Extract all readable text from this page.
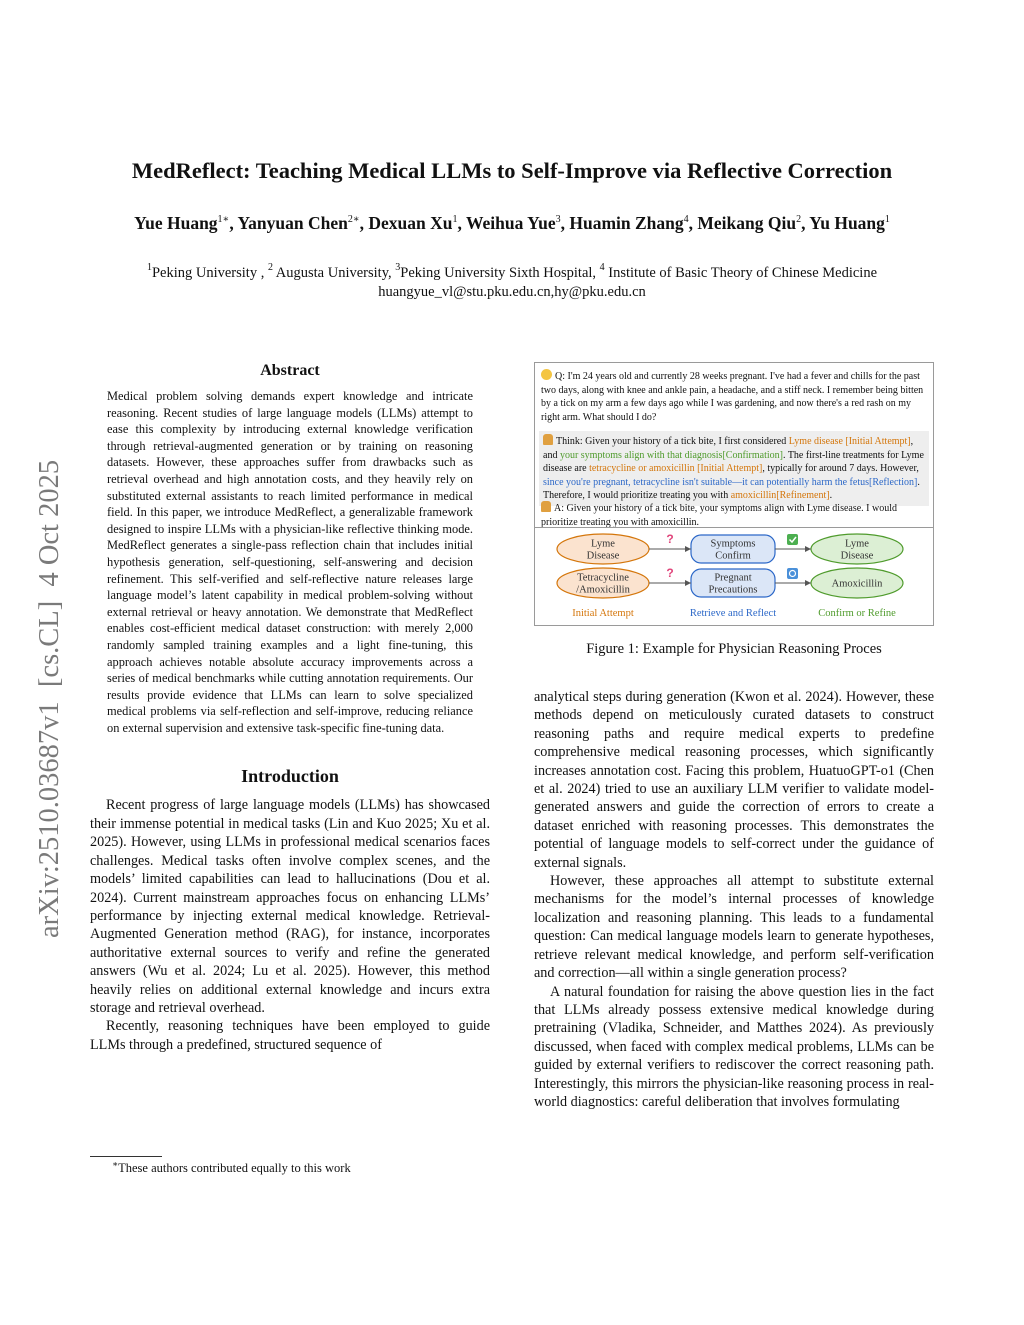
arXiv:2510.03687v1  [cs.CL]  4 Oct 2025
MedReflect: Teaching Medical LLMs to Self-Improve via Reflective Correction
Yue Huang$^{1∗}$, Yanyuan Chen$^{2∗}$, Dexuan Xu$^1$, Weihua Yue$^3$, Huamin Zhang$^4$, Meikang Qiu$^2$, Yu Huang$^1$
$^1$Peking University , $^2$ Augusta University, $^3$Peking University Sixth Hospital, $^4$ Institute of Basic Theory of Chinese Medicine
huangyue_vl@stu.pku.edu.cn,hy@pku.edu.cn
Abstract

Medical problem solving demands expert knowledge and intricate reasoning. Recent studies of large language models (LLMs) attempt to ease this complexity by introducing external knowledge verification through retrieval-augmented generation or by training on reasoning datasets. However, these approaches suffer from drawbacks such as retrieval overhead and high annotation costs, and they heavily rely on substituted external assistants to reach limited performance in medical field. In this paper, we introduce MedReflect, a generalizable framework designed to inspire LLMs with a physician-like reflective thinking mode. MedReflect generates a single-pass reflection chain that includes initial hypothesis generation, self-questioning, self-answering and decision refinement. This self-verified and self-reflective nature releases large language model’s latent capability in medical problem-solving without external retrieval or heavy annotation. We demonstrate that MedReflect enables cost-efficient medical dataset construction: with merely 2,000 randomly sampled training examples and a light fine-tuning, this approach achieves notable absolute accuracy improvements across a series of medical benchmarks while cutting annotation requirements. Our results provide evidence that LLMs can learn to solve specialized medical problems via self-reflection and self-improve, reducing reliance on external supervision and extensive task-specific fine-tuning data.

Introduction

Recent progress of large language models (LLMs) has showcased their immense potential in medical tasks (Lin and Kuo 2025; Xu et al. 2025). However, using LLMs in professional medical scenarios faces challenges. Medical tasks often involve complex scenes, and the models’ limited capabilities can lead to hallucinations (Dou et al. 2024). Current mainstream approaches focus on enhancing LLMs’ performance by injecting external medical knowledge. Retrieval-Augmented Generation method (RAG), for instance, incorporates authoritative external sources to verify and refine the generated answers (Wu et al. 2024; Lu et al. 2025). However, this method heavily relies on additional external knowledge and incurs extra storage and retrieval overhead.

Recently, reasoning techniques have been employed to guide LLMs through a predefined, structured sequence of

∗These authors contributed equally to this work
Q: I'm 24 years old and currently 28 weeks pregnant. I've had a fever and chills for the past two days, along with knee and ankle pain, a headache, and a stiff neck. I remember being bitten by a tick on my arm a few days ago while I was gardening, and now there's a red rash on my right arm. What should I do?
Think: Given your history of a tick bite, I first considered Lyme disease [Initial Attempt], and your symptoms align with that diagnosis[Confirmation]. The first-line treatments for Lyme disease are tetracycline or amoxicillin [Initial Attempt], typically for around 7 days. However, since you're pregnant, tetracycline isn't suitable—it can potentially harm the fetus[Reflection]. Therefore, I would prioritize treating you with amoxicillin[Refinement].
A: Given your history of a tick bite, your symptoms align with Lyme disease. I would prioritize treating you with amoxicillin.
Lyme Disease
Symptoms Confirm
Lyme Disease
?
Tetracycline /Amoxicillin
Pregnant Precautions
Amoxicillin
?
Initial Attempt	Retrieve and Reflect	Confirm or Refine
Figure 1: Example for Physician Reasoning Proces

analytical steps during generation (Kwon et al. 2024). However, these methods depend on meticulously curated datasets to construct reasoning paths and require medical experts to predefine comprehensive medical reasoning processes, which significantly increases annotation cost. Facing this problem, HuatuoGPT-o1 (Chen et al. 2024) tried to use an auxiliary LLM verifier to validate model-generated answers and guide the correction of errors to create a dataset enriched with reasoning processes. This demonstrates the potential of language models to self-correct under the guidance of external signals.

However, these approaches all attempt to substitute external mechanisms for the model’s internal processes of knowledge localization and reasoning planning. This leads to a fundamental question: Can medical language models learn to generate hypotheses, retrieve relevant medical knowledge, and perform self-verification and correction—all within a single generation process?

A natural foundation for raising the above question lies in the fact that LLMs already possess extensive medical knowledge during pretraining (Vladika, Schneider, and Matthes 2024). As previously discussed, when faced with complex medical problems, LLMs can be guided by external verifiers to rediscover the correct reasoning path. Interestingly, this mirrors the physician-like reasoning process in real-world diagnostics: careful deliberation that involves formulating
